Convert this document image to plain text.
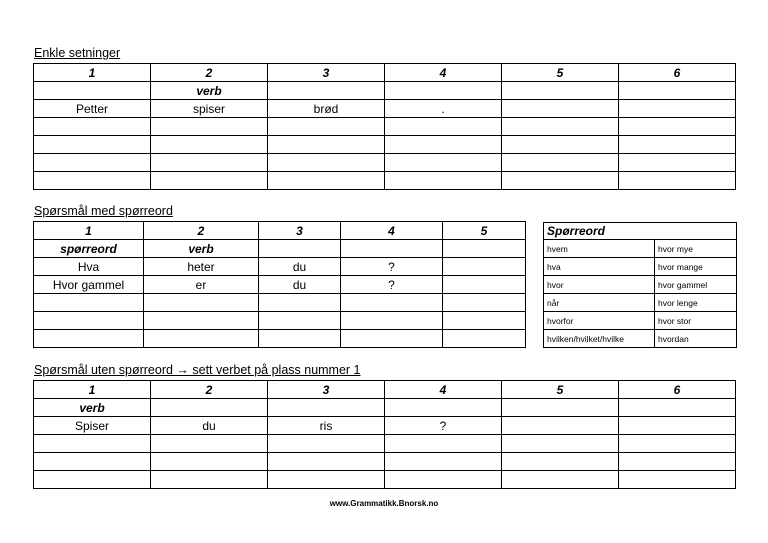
Enkle setninger
1	2	3	4	5	6
	verb				
Petter	spiser	brød	.		

Spørsmål med spørreord
1	2	3	4	5
spørreord	verb			
Hva	heter	du	?	
Hvor gammel	er	du	?	

Spørreord	
hvem	hvor mye
hva	hvor mange
hvor	hvor gammel
når	hvor lenge
hvorfor	hvor stor
hvilken/hvilket/hvilke	hvordan
Spørsmål uten spørreord → sett verbet på plass nummer 1
1	2	3	4	5	6
verb					
Spiser	du	ris	?		

www.Grammatikk.Bnorsk.no
